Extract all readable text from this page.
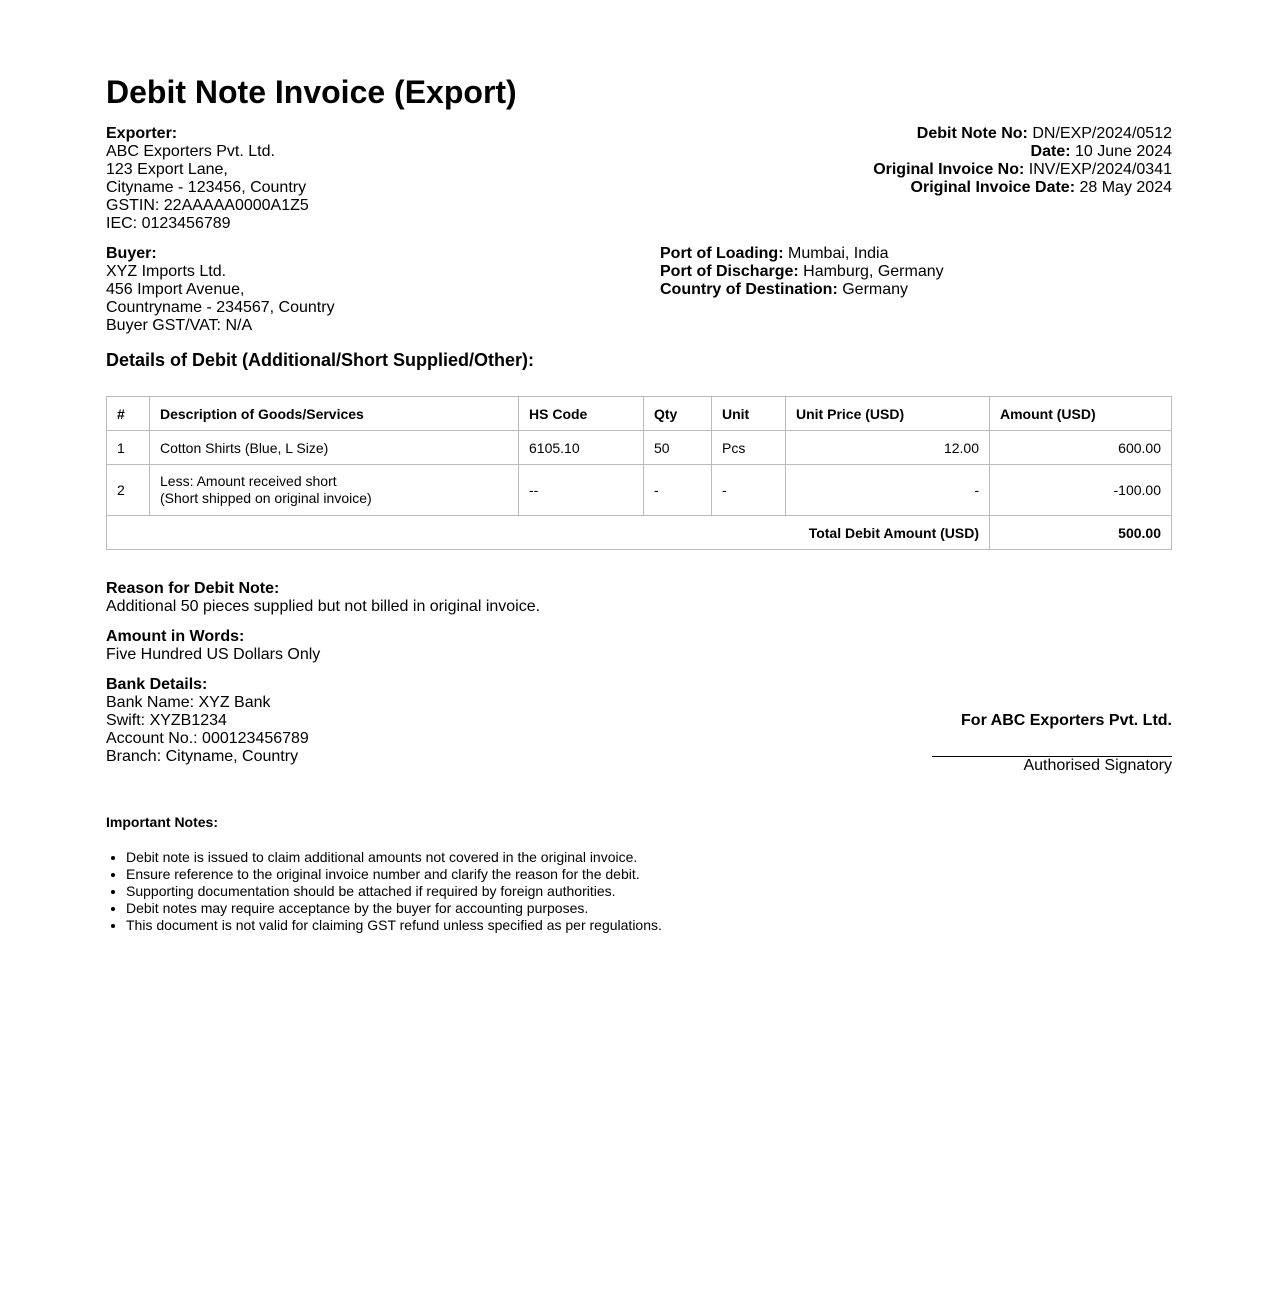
Debit Note Invoice (Export)
Exporter:
ABC Exporters Pvt. Ltd.
123 Export Lane,
Cityname - 123456, Country
GSTIN: 22AAAAA0000A1Z5
IEC: 0123456789
Debit Note No: DN/EXP/2024/0512
Date: 10 June 2024
Original Invoice No: INV/EXP/2024/0341
Original Invoice Date: 28 May 2024
Buyer:
XYZ Imports Ltd.
456 Import Avenue,
Countryname - 234567, Country
Buyer GST/VAT: N/A
Port of Loading: Mumbai, India
Port of Discharge: Hamburg, Germany
Country of Destination: Germany
Details of Debit (Additional/Short Supplied/Other):
#	Description of Goods/Services	HS Code	Qty	Unit	Unit Price (USD)	Amount (USD)
1	Cotton Shirts (Blue, L Size)	6105.10	50	Pcs	12.00	600.00
2	Less: Amount received short
(Short shipped on original invoice)	--	-	-	-	-100.00
Total Debit Amount (USD)						500.00
Reason for Debit Note:
Additional 50 pieces supplied but not billed in original invoice.
Amount in Words:
Five Hundred US Dollars Only
Bank Details:
Bank Name: XYZ Bank
Swift: XYZB1234
Account No.: 000123456789
Branch: Cityname, Country
For ABC Exporters Pvt. Ltd.
Authorised Signatory
Important Notes:
• Debit note is issued to claim additional amounts not covered in the original invoice.
• Ensure reference to the original invoice number and clarify the reason for the debit.
• Supporting documentation should be attached if required by foreign authorities.
• Debit notes may require acceptance by the buyer for accounting purposes.
• This document is not valid for claiming GST refund unless specified as per regulations.
